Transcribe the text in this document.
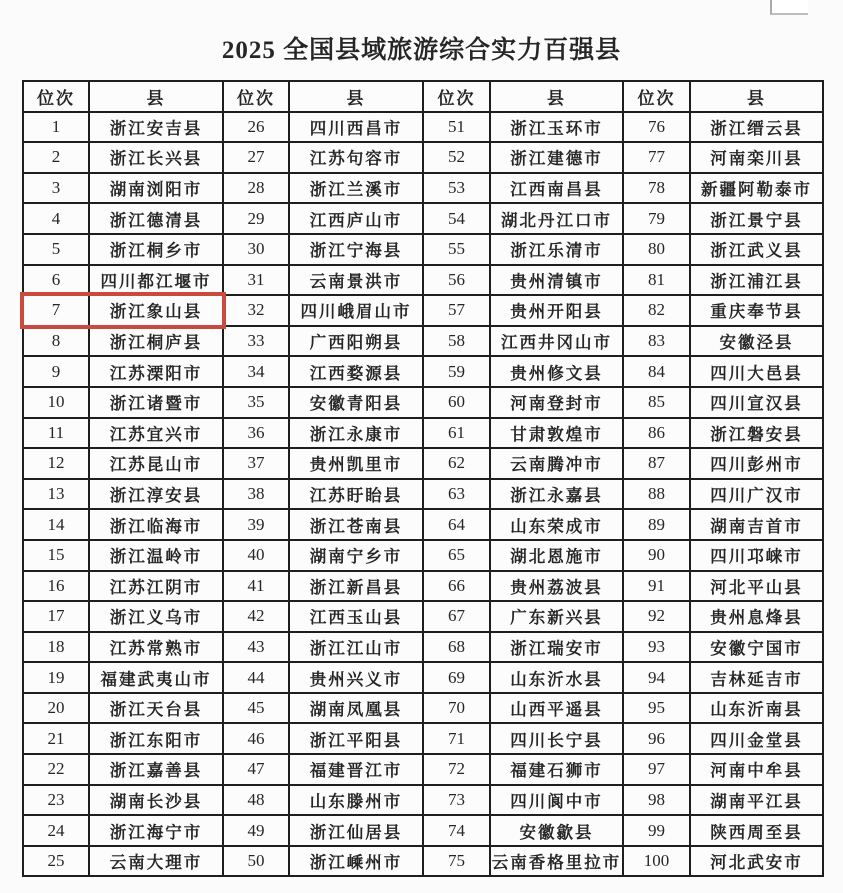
2025 全国县域旅游综合实力百强县
位次	县	位次	县	位次	县	位次	县
1	浙江安吉县	26	四川西昌市	51	浙江玉环市	76	浙江缙云县
2	浙江长兴县	27	江苏句容市	52	浙江建德市	77	河南栾川县
3	湖南浏阳市	28	浙江兰溪市	53	江西南昌县	78	新疆阿勒泰市
4	浙江德清县	29	江西庐山市	54	湖北丹江口市	79	浙江景宁县
5	浙江桐乡市	30	浙江宁海县	55	浙江乐清市	80	浙江武义县
6	四川都江堰市	31	云南景洪市	56	贵州清镇市	81	浙江浦江县
7	浙江象山县	32	四川峨眉山市	57	贵州开阳县	82	重庆奉节县
8	浙江桐庐县	33	广西阳朔县	58	江西井冈山市	83	安徽泾县
9	江苏溧阳市	34	江西婺源县	59	贵州修文县	84	四川大邑县
10	浙江诸暨市	35	安徽青阳县	60	河南登封市	85	四川宣汉县
11	江苏宜兴市	36	浙江永康市	61	甘肃敦煌市	86	浙江磐安县
12	江苏昆山市	37	贵州凯里市	62	云南腾冲市	87	四川彭州市
13	浙江淳安县	38	江苏盱眙县	63	浙江永嘉县	88	四川广汉市
14	浙江临海市	39	浙江苍南县	64	山东荣成市	89	湖南吉首市
15	浙江温岭市	40	湖南宁乡市	65	湖北恩施市	90	四川邛崃市
16	江苏江阴市	41	浙江新昌县	66	贵州荔波县	91	河北平山县
17	浙江义乌市	42	江西玉山县	67	广东新兴县	92	贵州息烽县
18	江苏常熟市	43	浙江江山市	68	浙江瑞安市	93	安徽宁国市
19	福建武夷山市	44	贵州兴义市	69	山东沂水县	94	吉林延吉市
20	浙江天台县	45	湖南凤凰县	70	山西平遥县	95	山东沂南县
21	浙江东阳市	46	浙江平阳县	71	四川长宁县	96	四川金堂县
22	浙江嘉善县	47	福建晋江市	72	福建石狮市	97	河南中牟县
23	湖南长沙县	48	山东滕州市	73	四川阆中市	98	湖南平江县
24	浙江海宁市	49	浙江仙居县	74	安徽歙县	99	陕西周至县
25	云南大理市	50	浙江嵊州市	75	云南香格里拉市	100	河北武安市
